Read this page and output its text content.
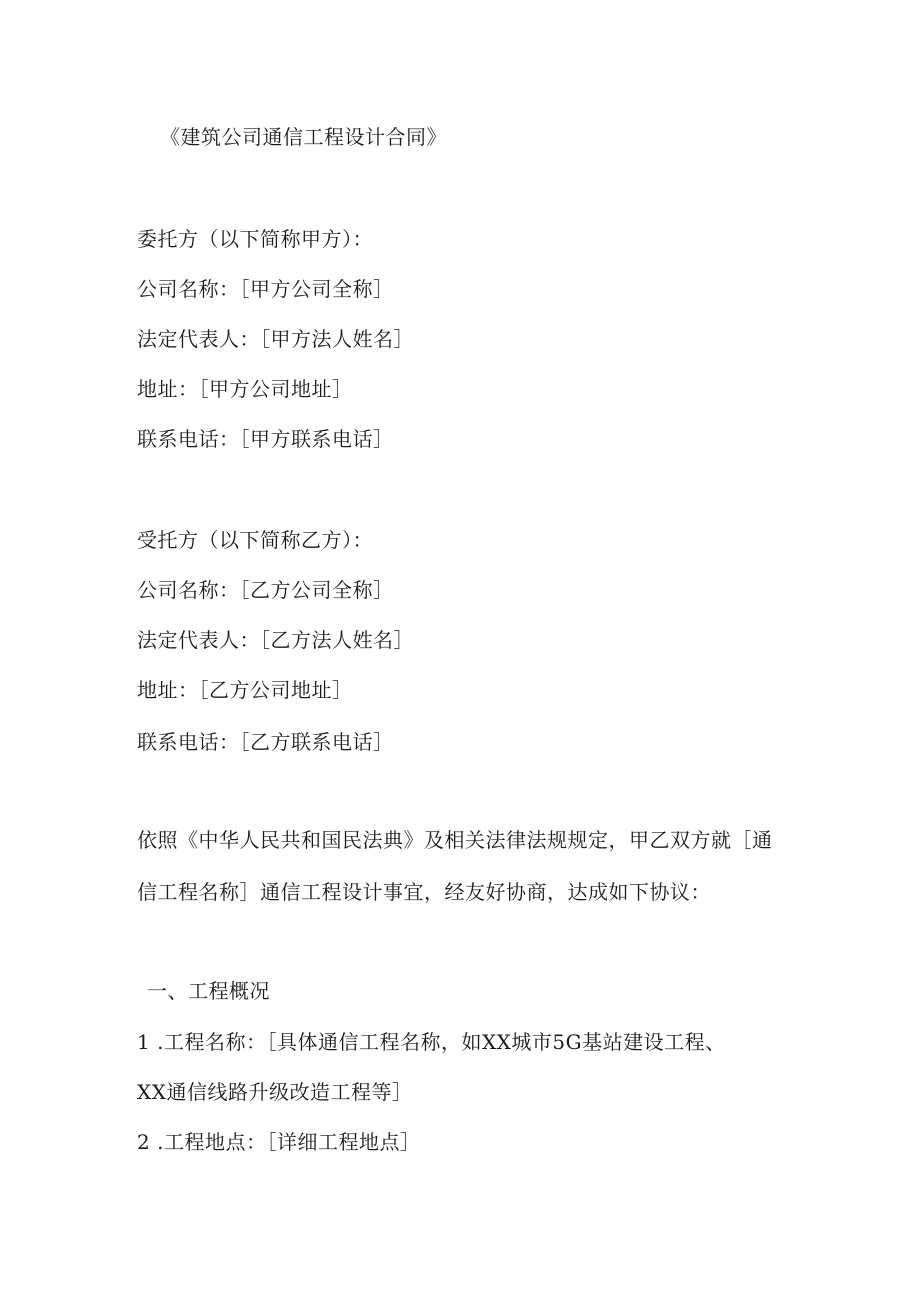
《建筑公司通信工程设计合同》
委托方（以下简称甲方）：
公司名称：［甲方公司全称］
法定代表人：［甲方法人姓名］
地址：［甲方公司地址］
联系电话：［甲方联系电话］
受托方（以下简称乙方）：
公司名称：［乙方公司全称］
法定代表人：［乙方法人姓名］
地址：［乙方公司地址］
联系电话：［乙方联系电话］
依照《中华人民共和国民法典》及相关法律法规规定，甲乙双方就［通
信工程名称］通信工程设计事宜，经友好协商，达成如下协议：
一、工程概况
1 .工程名称：［具体通信工程名称，如XX城市5G基站建设工程、
XX通信线路升级改造工程等］
2 .工程地点：［详细工程地点］
